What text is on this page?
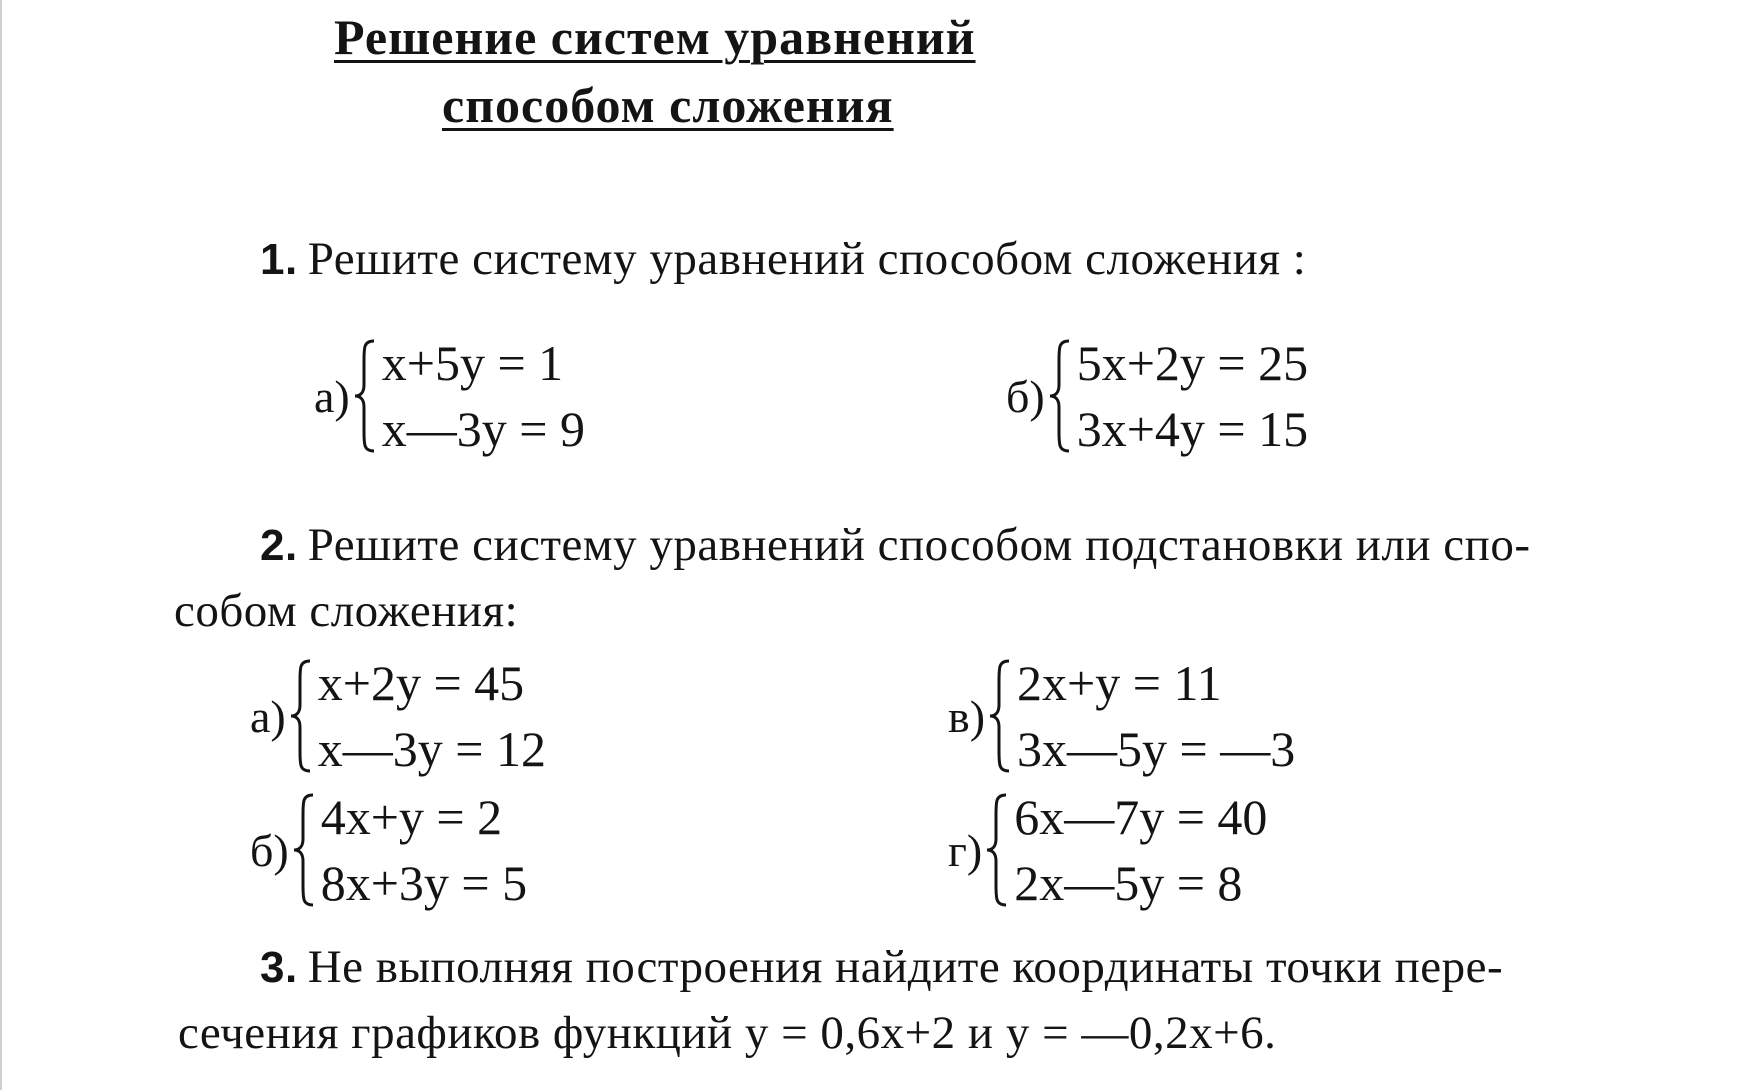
Решение систем уравнений
способом сложения
1. Решите систему уравнений способом сложения :
а)
x+5y = 1
x—3y = 9
б)
5x+2y = 25
3x+4y = 15
2. Решите систему уравнений способом подстановки или спо-
собом сложения:
а)
x+2y = 45
x—3y = 12
в)
2x+y = 11
3x—5y = —3
б)
4x+y = 2
8x+3y = 5
г)
6x—7y = 40
2x—5y = 8
3. Не выполняя построения найдите координаты точки пере-
сечения графиков функций y = 0,6x+2 и y = —0,2x+6.
